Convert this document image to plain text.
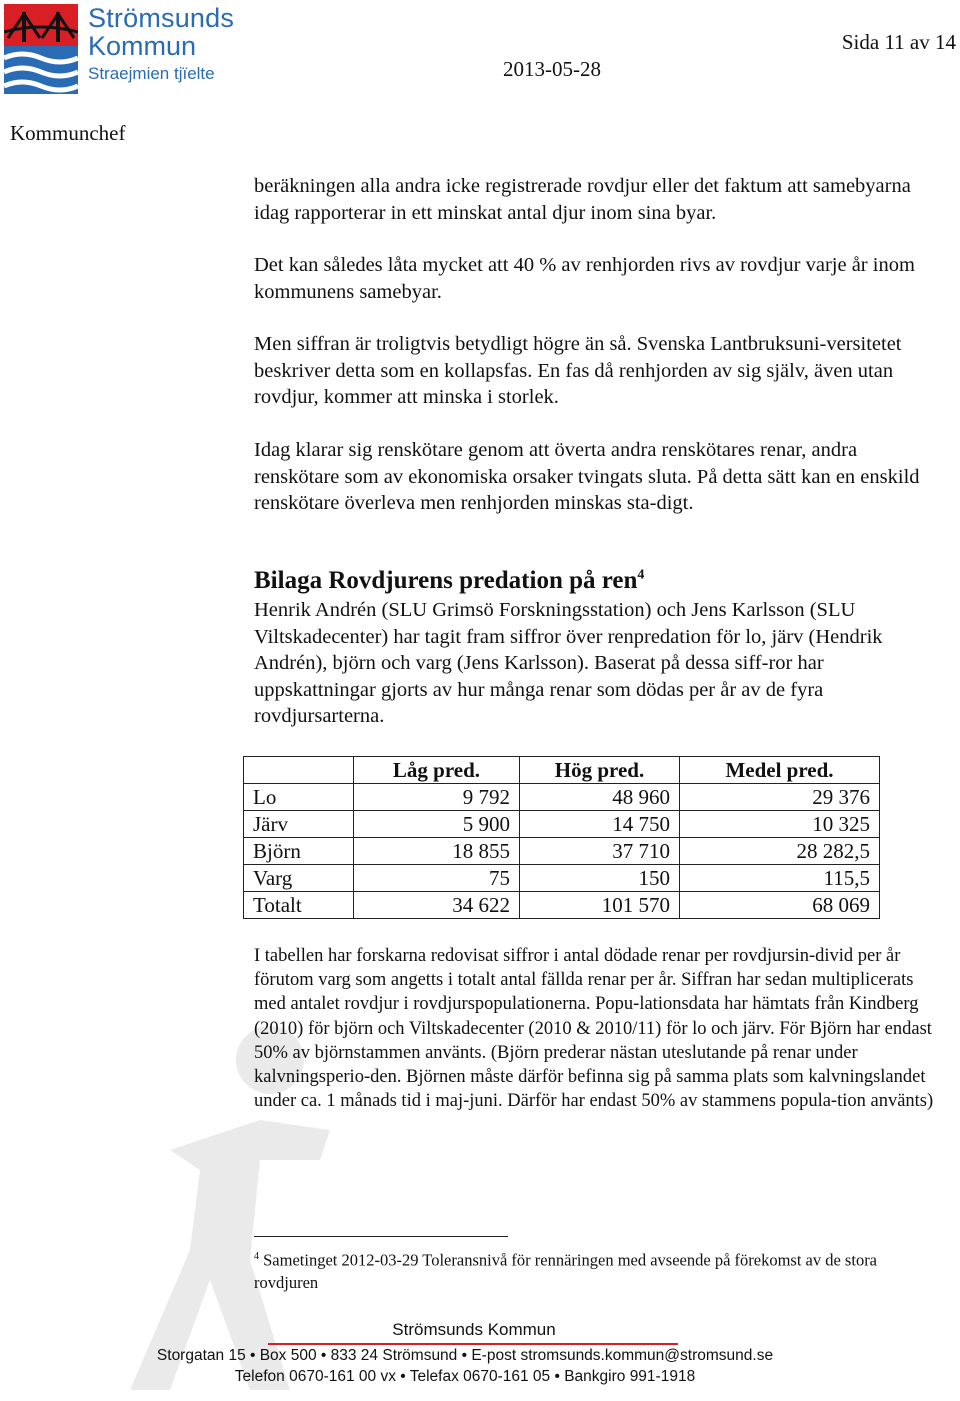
Strömsunds
Kommun
Straejmien tjïelte
Sida 11 av 14
2013-05-28
Kommunchef

beräkningen alla andra icke registrerade rovdjur eller det faktum att samebyarna idag rapporterar in ett minskat antal djur inom sina byar.

Det kan således låta mycket att 40 % av renhjorden rivs av rovdjur varje år inom kommunens samebyar.

Men siffran är troligtvis betydligt högre än så. Svenska Lantbruksuni-versitetet beskriver detta som en kollapsfas. En fas då renhjorden av sig själv, även utan rovdjur, kommer att minska i storlek.

Idag klarar sig renskötare genom att överta andra renskötares renar, andra renskötare som av ekonomiska orsaker tvingats sluta. På detta sätt kan en enskild renskötare överleva men renhjorden minskas sta-digt.

Bilaga Rovdjurens predation på ren$^4$

Henrik Andrén (SLU Grimsö Forskningsstation) och Jens Karlsson (SLU Viltskadecenter) har tagit fram siffror över renpredation för lo, järv (Hendrik Andrén), björn och varg (Jens Karlsson). Baserat på dessa siff-ror har uppskattningar gjorts av hur många renar som dödas per år av de fyra rovdjursarterna.

	Låg pred.	Hög pred.	Medel pred.
Lo	9 792	48 960	29 376
Järv	5 900	14 750	10 325
Björn	18 855	37 710	28 282,5
Varg	75	150	115,5
Totalt	34 622	101 570	68 069

I tabellen har forskarna redovisat siffror i antal dödade renar per rovdjursin-divid per år förutom varg som angetts i totalt antal fällda renar per år. Siffran har sedan multiplicerats med antalet rovdjur i rovdjurspopulationerna. Popu-lationsdata har hämtats från Kindberg (2010) för björn och Viltskadecenter (2010 & 2010/11) för lo och järv. För Björn har endast 50% av björnstammen använts. (Björn prederar nästan uteslutande på renar under kalvningsperio-den. Björnen måste därför befinna sig på samma plats som kalvningslandet under ca. 1 månads tid i maj-juni. Därför har endast 50% av stammens popula-tion använts)

$^4$ Sametinget 2012-03-29 Toleransnivå för rennäringen med avseende på förekomst av de stora rovdjuren
Strömsunds Kommun
Storgatan 15 • Box 500 • 833 24 Strömsund • E-post stromsunds.kommun@stromsund.se
Telefon 0670-161 00 vx • Telefax 0670-161 05 • Bankgiro 991-1918
